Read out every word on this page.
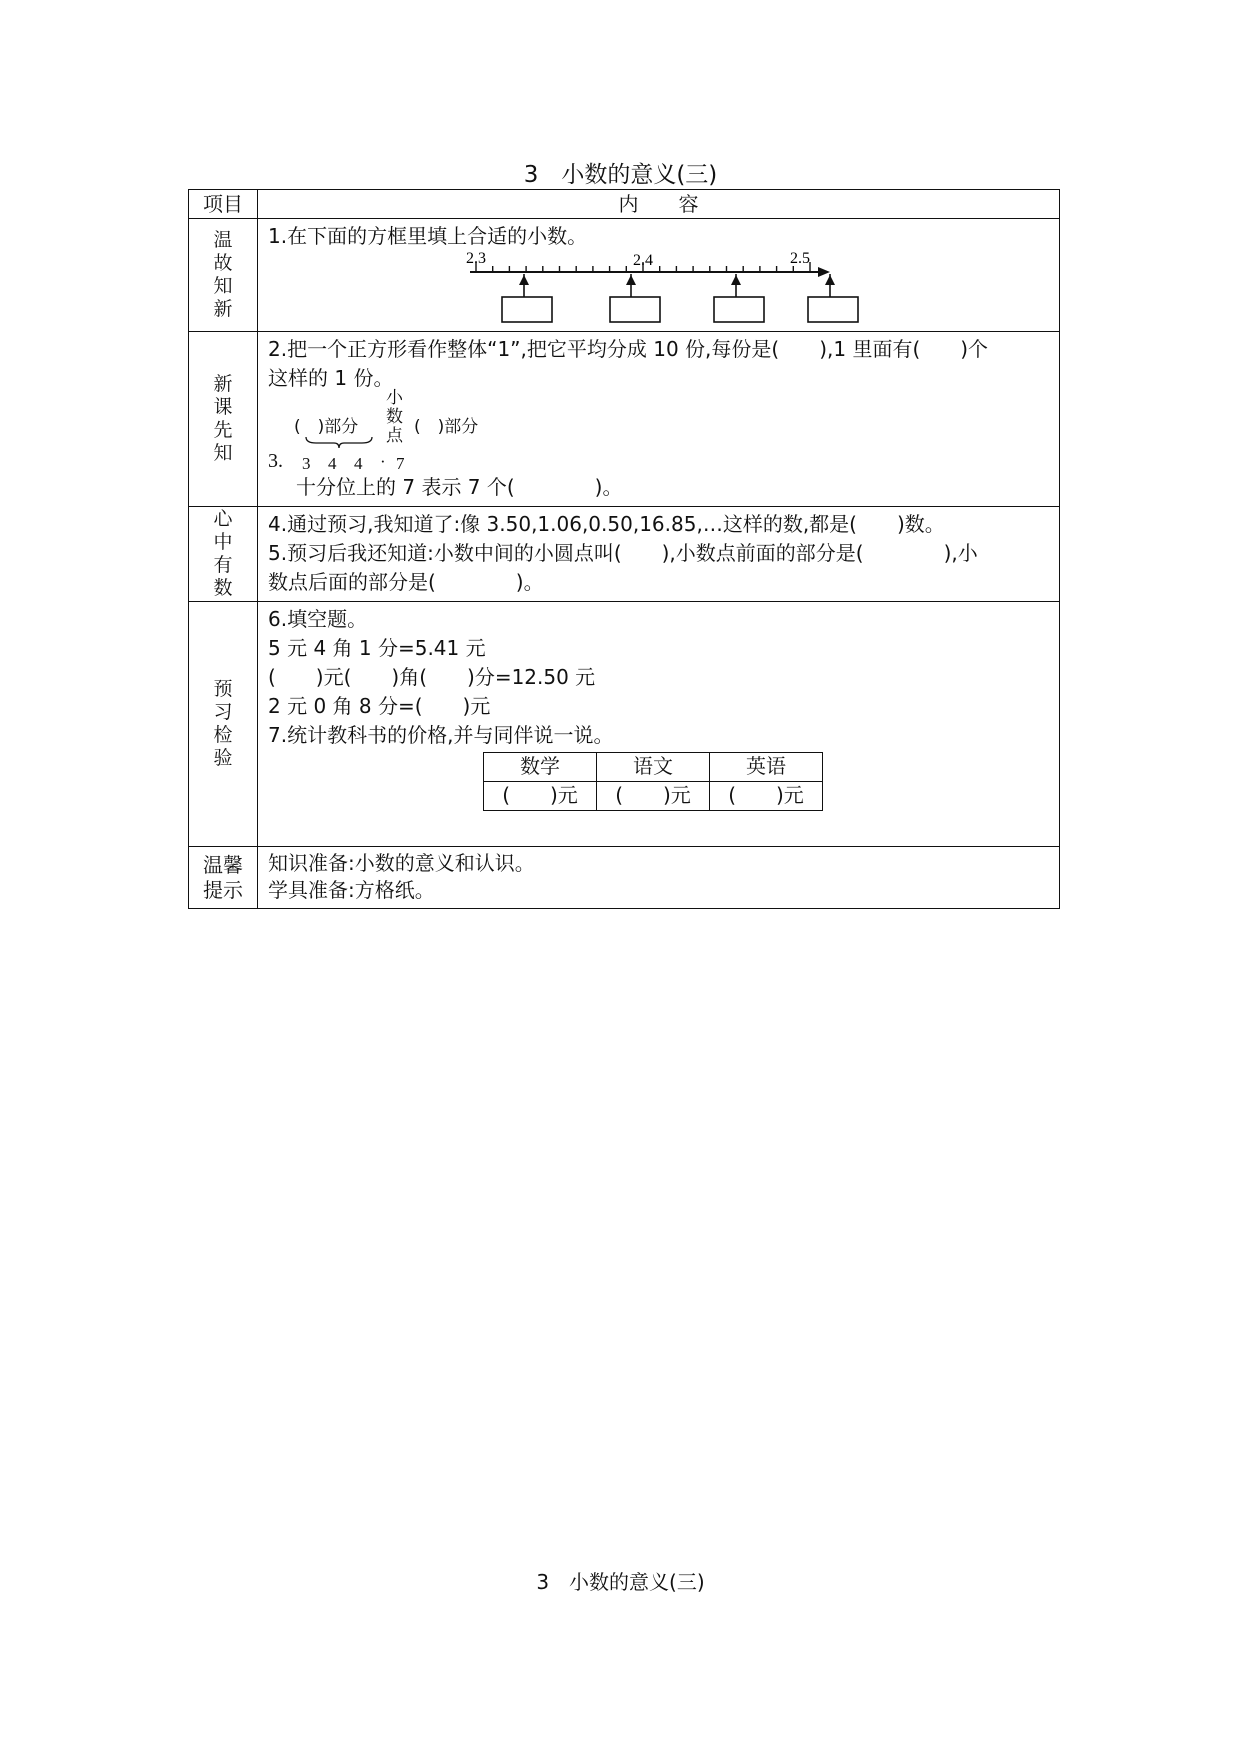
3　小数的意义(三)
项目	内　　容
温故知新	
1.在下面的方框里填上合适的小数。
2.3	2.4	2.5

新课先知	
2.把一个正方形看作整体“1”,把它平均分成 10 份,每份是(　　),1 里面有(　　)个
这样的 1 份。
(　)部分
小
数
点 (　)部分
3. 3 4 4 · 7
十分位上的 7 表示 7 个(　　　　)。

心中有数	
4.通过预习,我知道了:像 3.50,1.06,0.50,16.85,…这样的数,都是(　　)数。
5.预习后我还知道:小数中间的小圆点叫(　　),小数点前面的部分是(　　　　),小
数点后面的部分是(　　　　)。

预习检验	
6.填空题。
5 元 4 角 1 分=5.41 元
(　　)元(　　)角(　　)分=12.50 元
2 元 0 角 8 分=(　　)元
7.统计教科书的价格,并与同伴说一说。
数学	语文	英语
(　　)元	(　　)元	(　　)元

温馨提示	
知识准备:小数的意义和认识。
学具准备:方格纸。
3　小数的意义(三)
